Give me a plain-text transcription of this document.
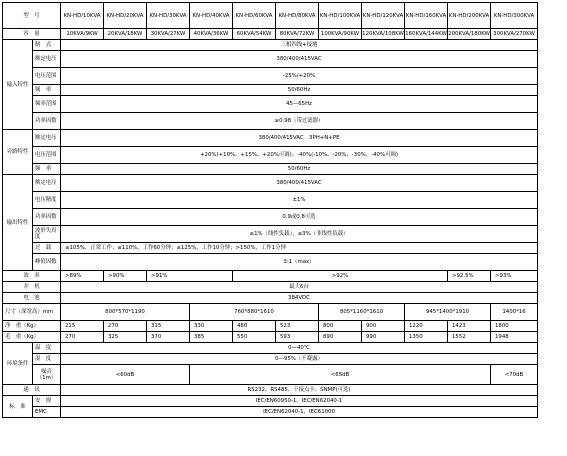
型　号		KN-HD/10KVA	KN-HD/20KVA	KN-HD/30KVA	KN-HD/40KVA	KN-HD/60KVA	KN-HD/80KVA	KN-HD/100KVA	KN-HD/120KVA	KN-HD/160KVA	KN-HD/200KVA	KN-HD/300KVA
容　量		10KVA/9KW	20KVA/18KW	30KVA/27KW	40KVA/36KW	60KVA/54KW	80KVA/72KW	100KVA/90KW	120KVA/108KW	160KVA/144KW	200KVA/180KW	300KVA/270KW
输入特性	制　式	三相四线+接地										
	额定电压	380/400/415VAC										
	电压范围	-25%/+20%										
	频　率	50/60Hz										
	频率范围	45—65Hz										
	功率因数	≥0.98（带过滤器）										
旁路特性	额定电压	380/400/415VAC　3PH+N+PE										
	电压范围	+20%(+10%、+15%、+20%可调)；-40%(-10%、-20%、-30%、-40%可调)										
	频　率	50/60Hz										
输出特性	额定电压	380/400/415VAC										
	电压精度	±1%										
	功率因数	0.9或0.8可选										
	波形失真度	≤1%（线性负载），≤3%（非线性负载）										
	过　载	≤105%，正常工作；≤110%，工作60分钟；≤125%，工作10分钟；>150%，工作1分钟										
	峰值因数	3:1（max）										
效　率		>89%	>90%	>91%		>92%					>92.5%	>93%
并　机		最大6台										
电　池		384VDC										
尺寸（深宽高）mm		800*570*1190			760*880*1610			805*1160*1610		945*1400*1910		1400*16
净　重（Kg）		215	270	315	330	480	523	800	900	1220	1423	1800
毛　重（Kg）		270	325	370	385	550	593	890	990	1350	1552	1948
环境条件	温　度	0—40℃										
	湿　度	0—95%（不凝露）										
	噪音（1m）	<60dB			<65dB							<70dB
通　讯		RS232、RS485、干接点卡、SNMP(可选)										
标　准	安　规	IEC/EN60950-1，IEC/EN62040-1										
	EMC	IEC/EN62040-1，IEC61000										
